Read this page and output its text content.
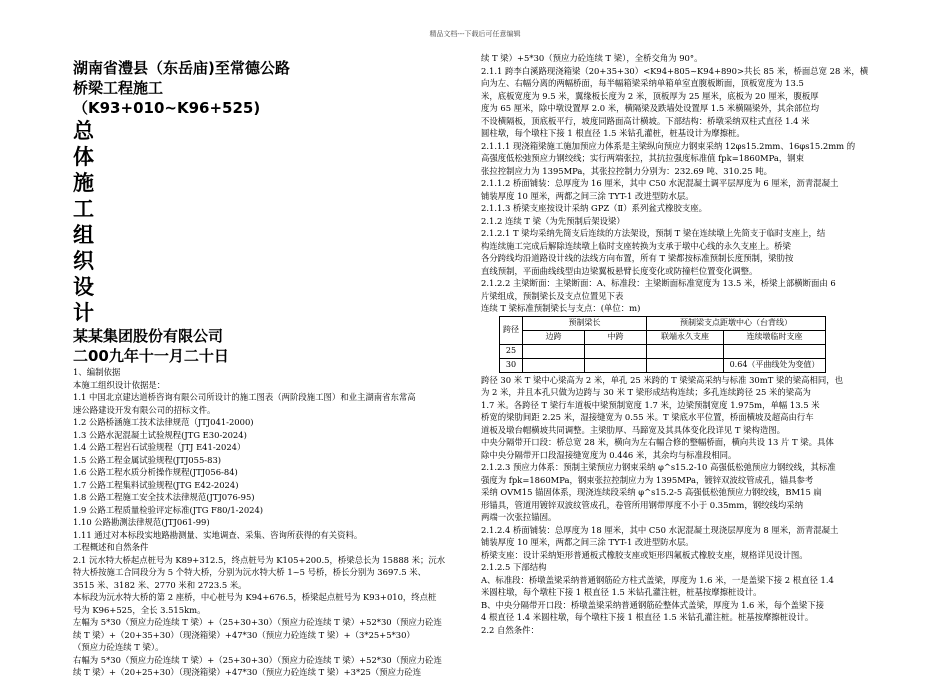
精品文档---下载后可任意编辑
湖南省澧县（东岳庙)至常德公路
桥梁工程施工
（K93+010~K96+525)
总
体
施
工
组
织
设
计
某某集团股份有限公司
二00九年十一月二十日
1、编制依据
本施工组织设计依据是：
1.1 中国北京建达道桥咨询有限公司所设计的施工图表（两阶段施工图）和业主湖南省东常高
速公路建设开发有限公司的招标文件。
1.2 公路桥涵施工技术法律规范（JTJ041-2000)
1.3 公路水泥混凝土试验规程(JTG E30-2024)
1.4 公路工程岩石试验规程（JTJ E41-2024）
1.5 公路工程金属试验规程(JTJ055-83)
1.6 公路工程水质分析操作规程(JTJ056-84)
1.7 公路工程集料试验规程(JTG E42-2024)
1.8 公路工程施工安全技术法律规范(JTJ076-95)
1.9 公路工程质量检验评定标准(JTG F80/1-2024)
1.10 公路勘测法律规范(JTJ061-99)
1.11 通过对本标段实地路勘测量、实地调查、采集、咨询所获得的有关资料。
工程概述和自然条件
2.1 沅水特大桥起点桩号为 K89+312.5，终点桩号为 K105+200.5，桥梁总长为 15888 米；沅水
特大桥按施工合同段分为 5 个特大桥，分别为沅水特大桥 1~5 号桥，桥长分别为 3697.5 米、
3515 米、3182 米、2770 米和 2723.5 米。
本标段为沅水特大桥的第 2 座桥，中心桩号为 K94+676.5，桥梁起点桩号为 K93+010，终点桩
号为 K96+525，全长 3.515km。
左幅为 5*30（预应力砼连续 T 梁）+（25+30+30）（预应力砼连续 T 梁）+52*30（预应力砼连
续 T 梁）+（20+35+30）（现浇箱梁）+47*30（预应力砼连续 T 梁）+（3*25+5*30）
（预应力砼连续 T 梁）。
右幅为 5*30（预应力砼连续 T 梁）+（25+30+30）（预应力砼连续 T 梁）+52*30（预应力砼连
续 T 梁）+（20+25+30）（现浇箱梁）+47*30（预应力砼连续 T 梁）+3*25（预应力砼连
续 T 梁）+5*30（预应力砼连续 T 梁），全桥交角为 90°。
2.1.1 跨李白溪路现浇箱梁（20+35+30）<K94+805~K94+890>共长 85 米，桥面总宽 28 米，横
向为左、右幅分离的两幅桥面，每半幅箱梁采纳单箱单室直腹板断面，顶板宽度为 13.5
米，底板宽度为 9.5 米，翼缘板长度为 2 米，顶板厚为 25 厘米，底板为 20 厘米，腹板厚
度为 65 厘米，除中墩设置厚 2.0 米，横隔梁及跌墙处设置厚 1.5 米横隔梁外，其余部位均
不设横隔板，顶底板平行，坡度同路面高计横坡。下部结构：桥墩采纳双柱式直径 1.4 米
圆柱墩，每个墩柱下接 1 根直径 1.5 米钻孔灌桩，桩基设计为摩擦桩。
2.1.1.1 现浇箱梁施工施加预应力体系是主梁纵向预应力钢束采纳 12φs15.2mm、16φs15.2mm 的
高强度低松弛预应力钢绞线；实行两端张拉，其抗拉强度标准值 fpk=1860MPa，钢束
张拉控制应力为 1395MPa，其张拉控制力分别为：232.69 吨、310.25 吨。
2.1.1.2 桥面铺装：总厚度为 16 厘米，其中 C50 水泥混凝土调平层厚度为 6 厘米，沥青混凝土
铺装厚度 10 厘米，两都之间三涂 TYT-1 改进型防水层。
2.1.1.3 桥梁支座按设计采纳 GPZ（Ⅱ）系列盆式橡胶支座。
2.1.2 连续 T 梁（为先预制后架设梁）
2.1.2.1 T 梁均采纳先简支后连续的方法架设，预制 T 梁在连续墩上先简支于临时支座上，结
构连续施工完成后解除连续墩上临时支座转换为支承于墩中心线的永久支座上。桥梁
各分跨线均沿道路设计线的法线方向布置，所有 T 梁都按标准预制长度预制，梁肋按
直线预制，平面曲线线型由边梁翼板悬臂长度变化或防撞栏位置变化调整。
2.1.2.2 主梁断面：主梁断面：A、标准段：主梁断面标准宽度为 13.5 米，桥梁上部横断面由 6
片梁组成，预制梁长及支点位置见下表
连续 T 梁标准预制梁长与支点：(单位：m)
跨径	预制梁长		预制梁支点距墩中心（台背线）	
	边跨	中跨	联端永久支座	连续墩临时支座
25				
30				0.64（平曲线处为变值）
跨径 30 米 T 梁中心梁高为 2 米，单孔 25 米跨的 T 梁梁高采纳与标准 30mT 梁的梁高相同，也
为 2 米，并且本孔只做为边跨与 30 米 T 梁形成结构连续；多孔连续跨径 25 米的梁高为
1.7 米。各跨径 T 梁行车道板中梁预制宽度 1.7 米，边梁预制宽度 1.975m，单幅 13.5 米
桥宽的梁肋间距 2.25 米，湿接缝宽为 0.55 米。T 梁底水平位置，桥面横坡及超高由行车
道板及墩台帽横坡共同调整。主梁肋厚、马蹄宽及其具体变化段详见 T 梁构造图。
中央分隔带开口段：桥总宽 28 米，横向为左右幅合修的整幅桥面，横向共设 13 片 T 梁。具体
除中央分隔带开口段湿接缝宽度为 0.446 米，其余均与标准段相同。
2.1.2.3 预应力体系：预制主梁预应力钢束采纳 φ^s15.2-10 高强低松弛预应力钢绞线，其标准
强度为 fpk=1860MPa，钢束张拉控制应力为 1395MPa，镀锌双波纹管成孔，锚具参考
采纳 OVM15 锚固体系，现浇连续段采纳 φ^s15.2-5 高强低松弛预应力钢绞线，BM15 扁
形锚具，管道用镀锌双波纹管成孔，卷管所用钢带厚度不小于 0.35mm，钢绞线均采纳
两端一次张拉锚固。
2.1.2.4 桥面铺装：总厚度为 18 厘米，其中 C50 水泥混凝土现浇层厚度为 8 厘米，沥青混凝土
铺装厚度 10 厘米，两都之间三涂 TYT-1 改进型防水层。
桥梁支座：设计采纳矩形普通板式橡胶支座或矩形四氟板式橡胶支座，规格详见设计图。
2.1.2.5 下部结构
A、标准段：桥墩盖梁采纳普通钢筋砼方柱式盖梁，厚度为 1.6 米，一是盖梁下接 2 根直径 1.4
米圆柱墩，每个墩柱下接 1 根直径 1.5 米钻孔灌注桩，桩基按摩擦桩设计。
B、中央分隔带开口段：桥墩盖梁采纳普通钢筋砼整体式盖梁，厚度为 1.6 米，每个盖梁下接
4 根直径 1.4 米圆柱墩，每个墩柱下接 1 根直径 1.5 米钻孔灌注桩。桩基按摩擦桩设计。
2.2 自然条件：
